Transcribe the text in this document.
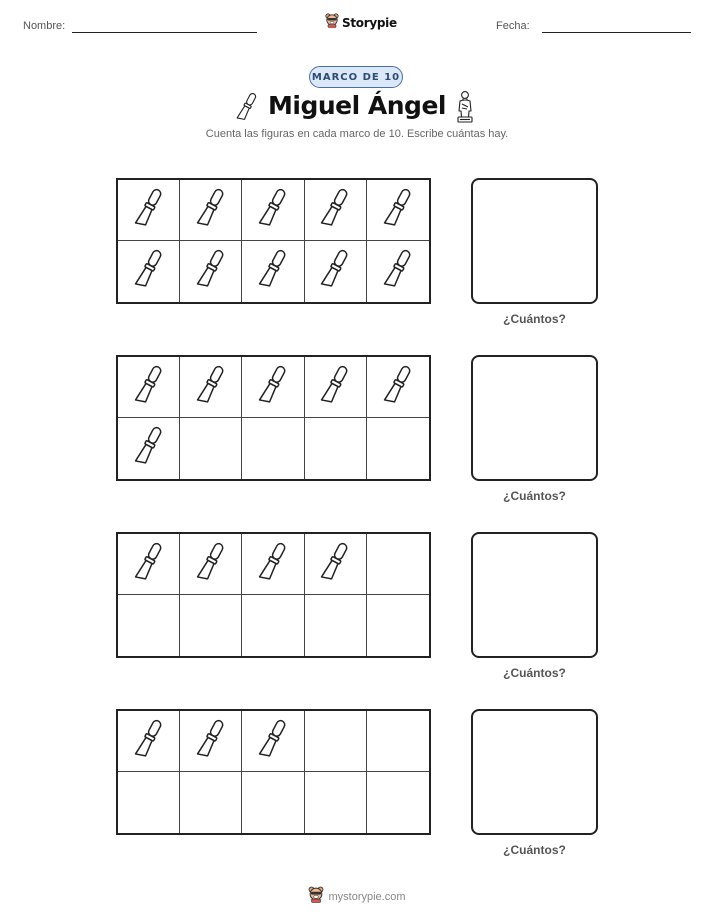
Nombre:	Storypie	Fecha:
MARCO DE 10
Miguel Ángel
Cuenta las figuras en cada marco de 10. Escribe cuántas hay.
¿Cuántos?
¿Cuántos?
¿Cuántos?
¿Cuántos?
mystorypie.com
